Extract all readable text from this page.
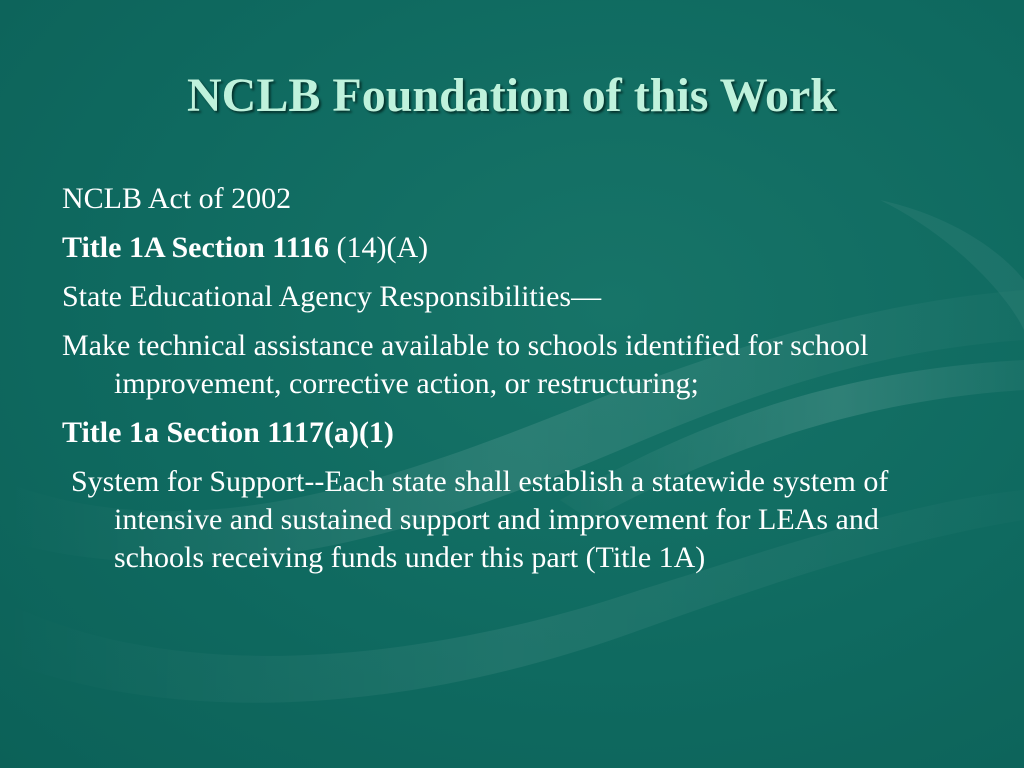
NCLB Foundation of this Work

NCLB Act of 2002

Title 1A Section 1116 (14)(A)

State Educational Agency Responsibilities—

Make technical assistance available to schools identified for school improvement, corrective action, or restructuring;

Title 1a Section 1117(a)(1)

System for Support--Each state shall establish a statewide system of intensive and sustained support and improvement for LEAs and   schools receiving funds under this part (Title 1A)
